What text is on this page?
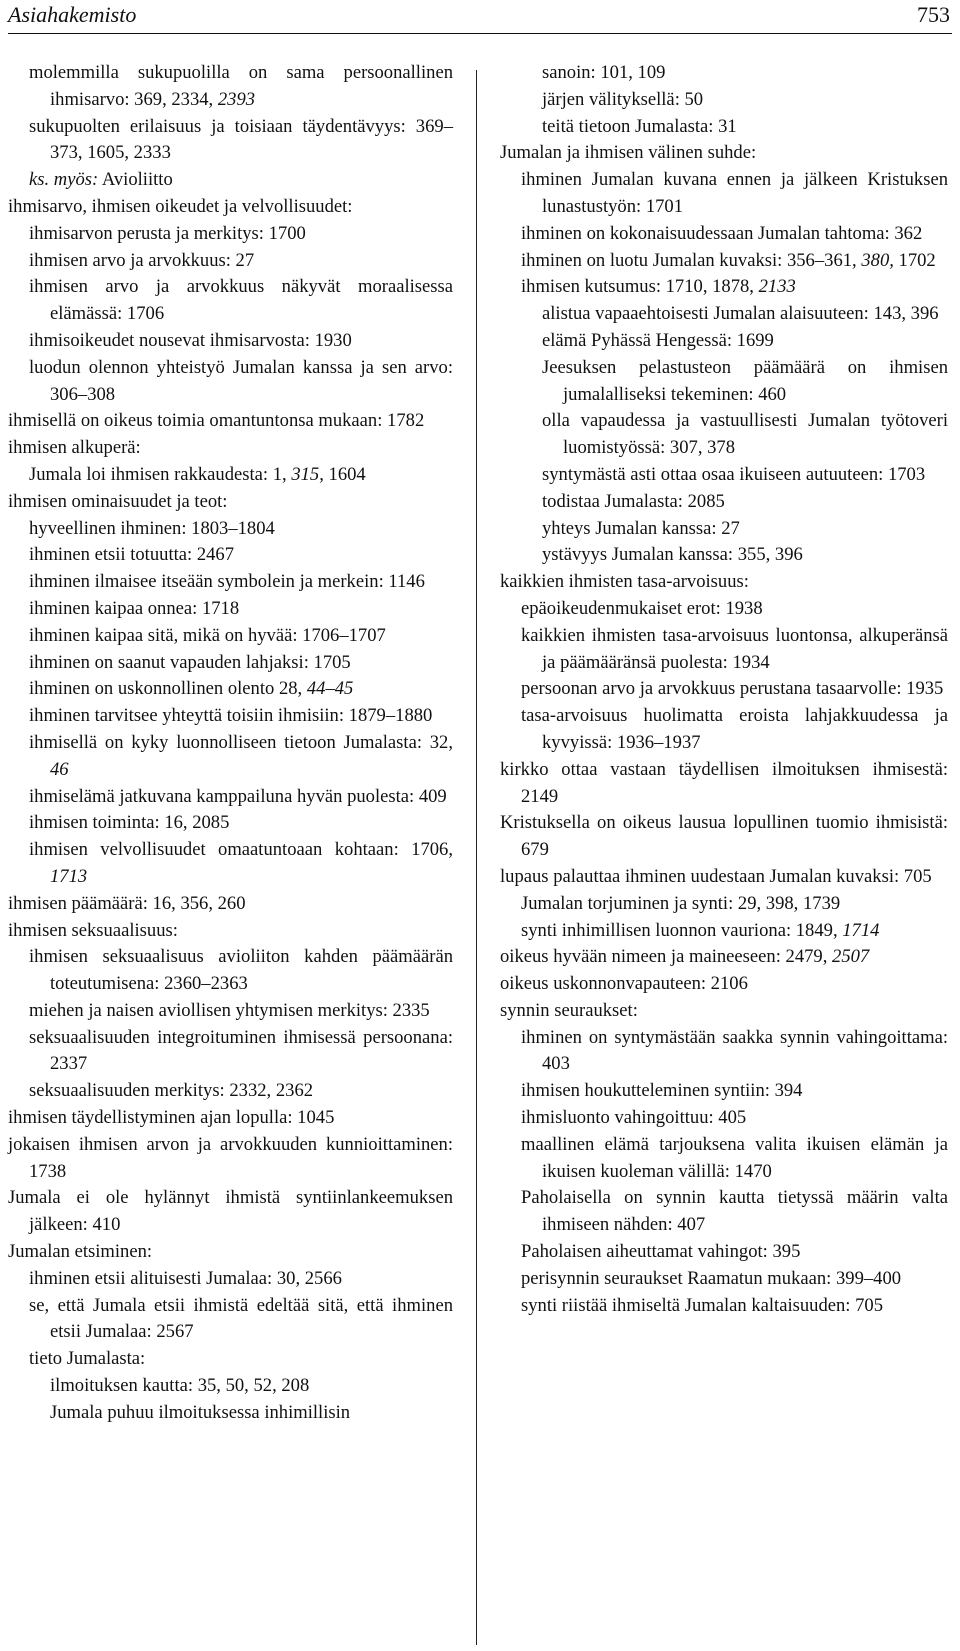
Asiahakemisto	753
molemmilla sukupuolilla on sama persoonallinen ihmisarvo: 369, 2334, 2393
sukupuolten erilaisuus ja toisiaan täydentävyys: 369–373, 1605, 2333
ks. myös: Avioliitto
ihmisarvo, ihmisen oikeudet ja velvollisuudet:
ihmisarvon perusta ja merkitys: 1700
ihmisen arvo ja arvokkuus: 27
ihmisen arvo ja arvokkuus näkyvät moraalisessa elämässä: 1706
ihmisoikeudet nousevat ihmisarvosta: 1930
luodun olennon yhteistyö Jumalan kanssa ja sen arvo: 306–308
ihmisellä on oikeus toimia omantuntonsa mukaan: 1782
ihmisen alkuperä:
Jumala loi ihmisen rakkaudesta: 1, 315, 1604
ihmisen ominaisuudet ja teot:
hyveellinen ihminen: 1803–1804
ihminen etsii totuutta: 2467
ihminen ilmaisee itseään symbolein ja merkein: 1146
ihminen kaipaa onnea: 1718
ihminen kaipaa sitä, mikä on hyvää: 1706–1707
ihminen on saanut vapauden lahjaksi: 1705
ihminen on uskonnollinen olento 28, 44–45
ihminen tarvitsee yhteyttä toisiin ihmisiin: 1879–1880
ihmisellä on kyky luonnolliseen tietoon Jumalasta: 32, 46
ihmiselämä jatkuvana kamppailuna hyvän puolesta: 409
ihmisen toiminta: 16, 2085
ihmisen velvollisuudet omaatuntoaan kohtaan: 1706, 1713
ihmisen päämäärä: 16, 356, 260
ihmisen seksuaalisuus:
ihmisen seksuaalisuus avioliiton kahden päämäärän toteutumisena: 2360–2363
miehen ja naisen aviollisen yhtymisen merkitys: 2335
seksuaalisuuden integroituminen ihmisessä persoonana: 2337
seksuaalisuuden merkitys: 2332, 2362
ihmisen täydellistyminen ajan lopulla: 1045
jokaisen ihmisen arvon ja arvokkuuden kunnioittaminen: 1738
Jumala ei ole hylännyt ihmistä syntiinlankeemuksen jälkeen: 410
Jumalan etsiminen:
ihminen etsii alituisesti Jumalaa: 30, 2566
se, että Jumala etsii ihmistä edeltää sitä, että ihminen etsii Jumalaa: 2567
tieto Jumalasta:
ilmoituksen kautta: 35, 50, 52, 208
Jumala puhuu ilmoituksessa inhimillisin
sanoin: 101, 109
järjen välityksellä: 50
teitä tietoon Jumalasta: 31
Jumalan ja ihmisen välinen suhde:
ihminen Jumalan kuvana ennen ja jälkeen Kristuksen lunastustyön: 1701
ihminen on kokonaisuudessaan Jumalan tahtoma: 362
ihminen on luotu Jumalan kuvaksi: 356–361, 380, 1702
ihmisen kutsumus: 1710, 1878, 2133
alistua vapaaehtoisesti Jumalan alaisuuteen: 143, 396
elämä Pyhässä Hengessä: 1699
Jeesuksen pelastusteon päämäärä on ihmisen jumalalliseksi tekeminen: 460
olla vapaudessa ja vastuullisesti Jumalan työtoveri luomistyössä: 307, 378
syntymästä asti ottaa osaa ikuiseen autuuteen: 1703
todistaa Jumalasta: 2085
yhteys Jumalan kanssa: 27
ystävyys Jumalan kanssa: 355, 396
kaikkien ihmisten tasa-arvoisuus:
epäoikeudenmukaiset erot: 1938
kaikkien ihmisten tasa-arvoisuus luontonsa, alkuperänsä ja päämääränsä puolesta: 1934
persoonan arvo ja arvokkuus perustana tasaarvolle: 1935
tasa-arvoisuus huolimatta eroista lahjakkuudessa ja kyvyissä: 1936–1937
kirkko ottaa vastaan täydellisen ilmoituksen ihmisestä: 2149
Kristuksella on oikeus lausua lopullinen tuomio ihmisistä: 679
lupaus palauttaa ihminen uudestaan Jumalan kuvaksi: 705
Jumalan torjuminen ja synti: 29, 398, 1739
synti inhimillisen luonnon vauriona: 1849, 1714
oikeus hyvään nimeen ja maineeseen: 2479, 2507
oikeus uskonnonvapauteen: 2106
synnin seuraukset:
ihminen on syntymästään saakka synnin vahingoittama: 403
ihmisen houkutteleminen syntiin: 394
ihmisluonto vahingoittuu: 405
maallinen elämä tarjouksena valita ikuisen elämän ja ikuisen kuoleman välillä: 1470
Paholaisella on synnin kautta tietyssä määrin valta ihmiseen nähden: 407
Paholaisen aiheuttamat vahingot: 395
perisynnin seuraukset Raamatun mukaan: 399–400
synti riistää ihmiseltä Jumalan kaltaisuuden: 705
